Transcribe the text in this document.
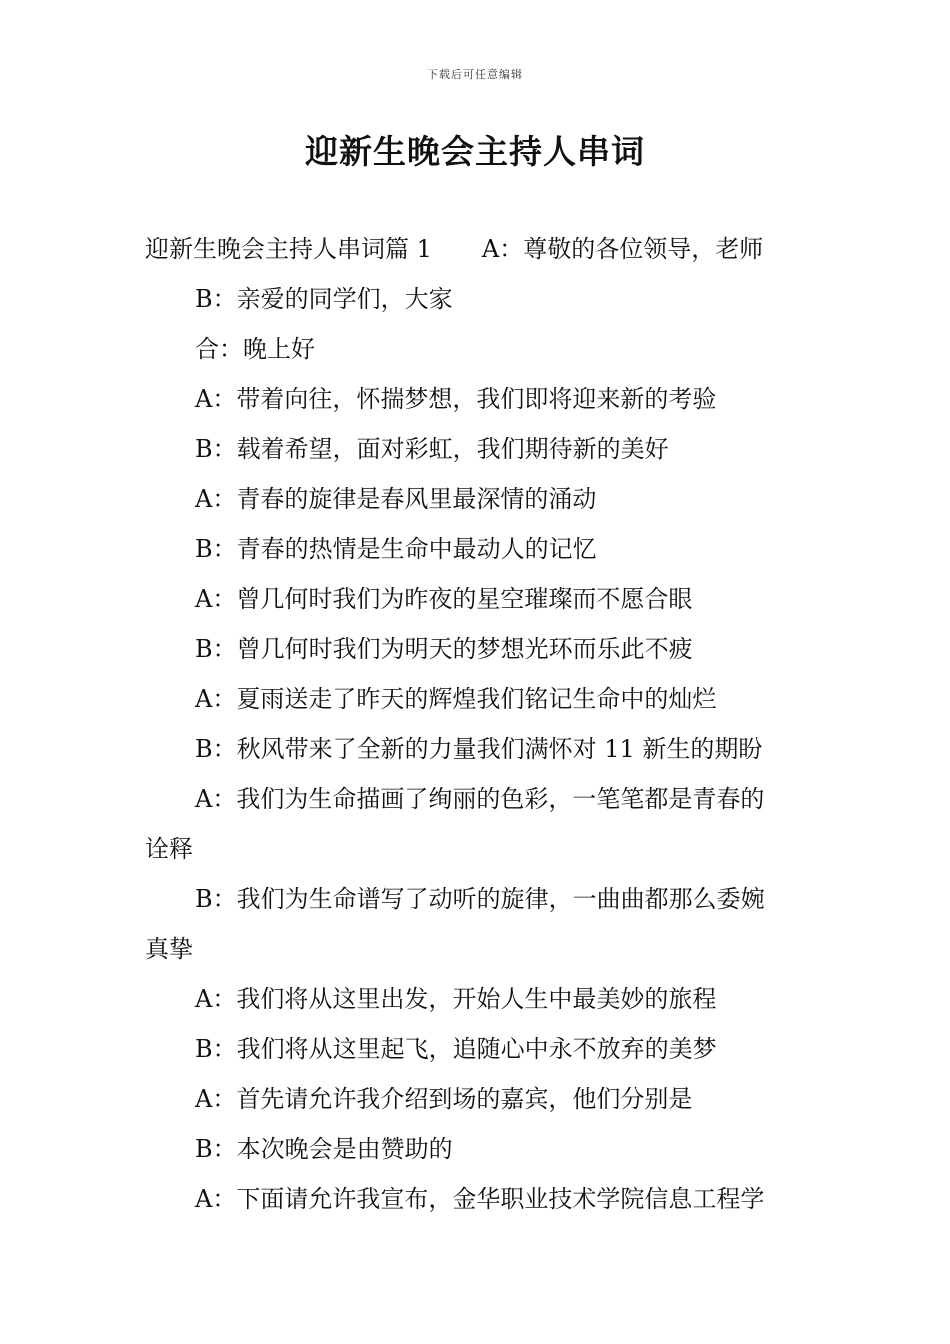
下载后可任意编辑
迎新生晚会主持人串词
迎新生晚会主持人串词篇 1 A：尊敬的各位领导，老师
B：亲爱的同学们，大家
合：晚上好
A：带着向往，怀揣梦想，我们即将迎来新的考验
B：载着希望，面对彩虹，我们期待新的美好
A：青春的旋律是春风里最深情的涌动
B：青春的热情是生命中最动人的记忆
A：曾几何时我们为昨夜的星空璀璨而不愿合眼
B：曾几何时我们为明天的梦想光环而乐此不疲
A：夏雨送走了昨天的辉煌我们铭记生命中的灿烂
B：秋风带来了全新的力量我们满怀对 11 新生的期盼
A：我们为生命描画了绚丽的色彩，一笔笔都是青春的
诠释
B：我们为生命谱写了动听的旋律，一曲曲都那么委婉
真挚
A：我们将从这里出发，开始人生中最美妙的旅程
B：我们将从这里起飞，追随心中永不放弃的美梦
A：首先请允许我介绍到场的嘉宾，他们分别是
B：本次晚会是由赞助的
A：下面请允许我宣布，金华职业技术学院信息工程学
